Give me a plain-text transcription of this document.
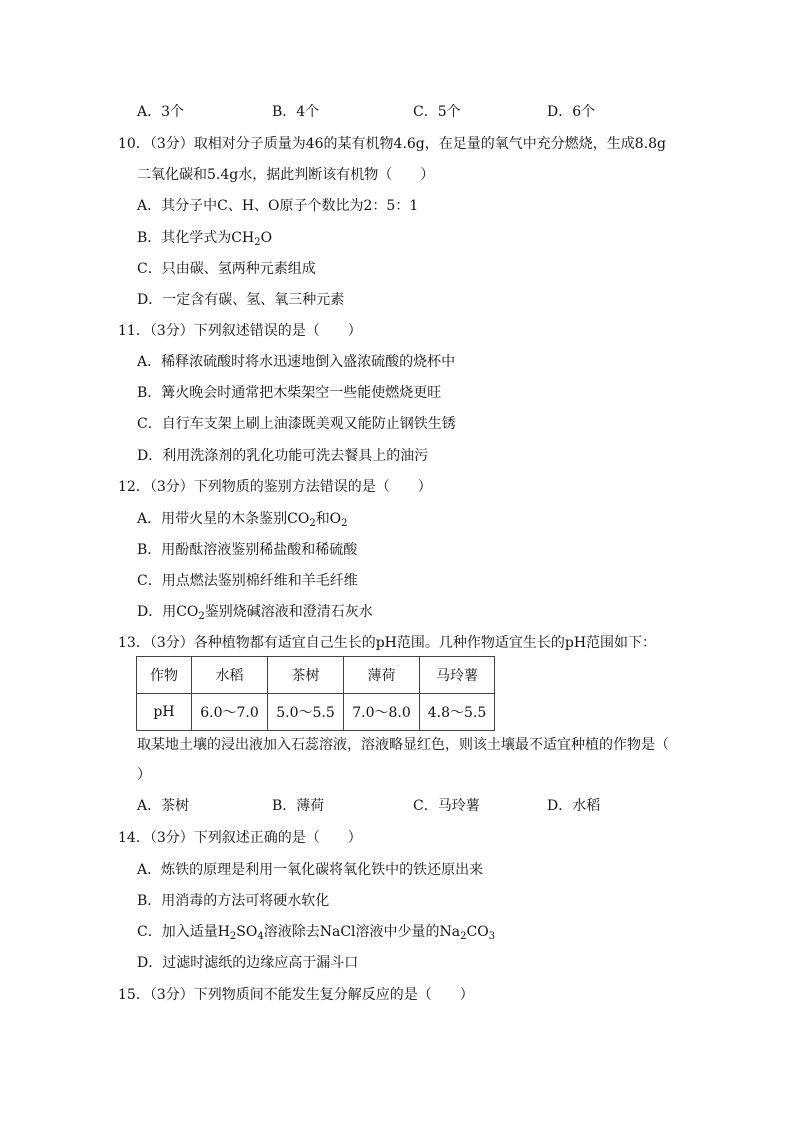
A．3个	B．4个	C．5个	D．6个
10．（3分）取相对分子质量为46的某有机物4.6g，在足量的氧气中充分燃烧，生成8.8g
二氧化碳和5.4g水，据此判断该有机物（　　）
A．其分子中C、H、O原子个数比为2：5：1
B．其化学式为$CH_2O$
C．只由碳、氢两种元素组成
D．一定含有碳、氢、氧三种元素
11．（3分）下列叙述错误的是（　　）
A．稀释浓硫酸时将水迅速地倒入盛浓硫酸的烧杯中
B．篝火晚会时通常把木柴架空一些能使燃烧更旺
C．自行车支架上刷上油漆既美观又能防止钢铁生锈
D．利用洗涤剂的乳化功能可洗去餐具上的油污
12．（3分）下列物质的鉴别方法错误的是（　　）
A．用带火星的木条鉴别$CO_2$和$O_2$
B．用酚酞溶液鉴别稀盐酸和稀硫酸
C．用点燃法鉴别棉纤维和羊毛纤维
D．用$CO_2$鉴别烧碱溶液和澄清石灰水
13．（3分）各种植物都有适宜自己生长的pH范围。几种作物适宜生长的pH范围如下：
作物	水稻	茶树	薄荷	马玲薯
pH	6.0～7.0	5.0～5.5	7.0～8.0	4.8～5.5
取某地土壤的浸出液加入石蕊溶液，溶液略显红色，则该土壤最不适宜种植的作物是（
）
A．茶树	B．薄荷	C．马玲薯	D．水稻
14．（3分）下列叙述正确的是（　　）
A．炼铁的原理是利用一氧化碳将氧化铁中的铁还原出来
B．用消毒的方法可将硬水软化
C．加入适量$H_2SO_4$溶液除去NaCl溶液中少量的$Na_2CO_3$
D．过滤时滤纸的边缘应高于漏斗口
15．（3分）下列物质间不能发生复分解反应的是（　　）
